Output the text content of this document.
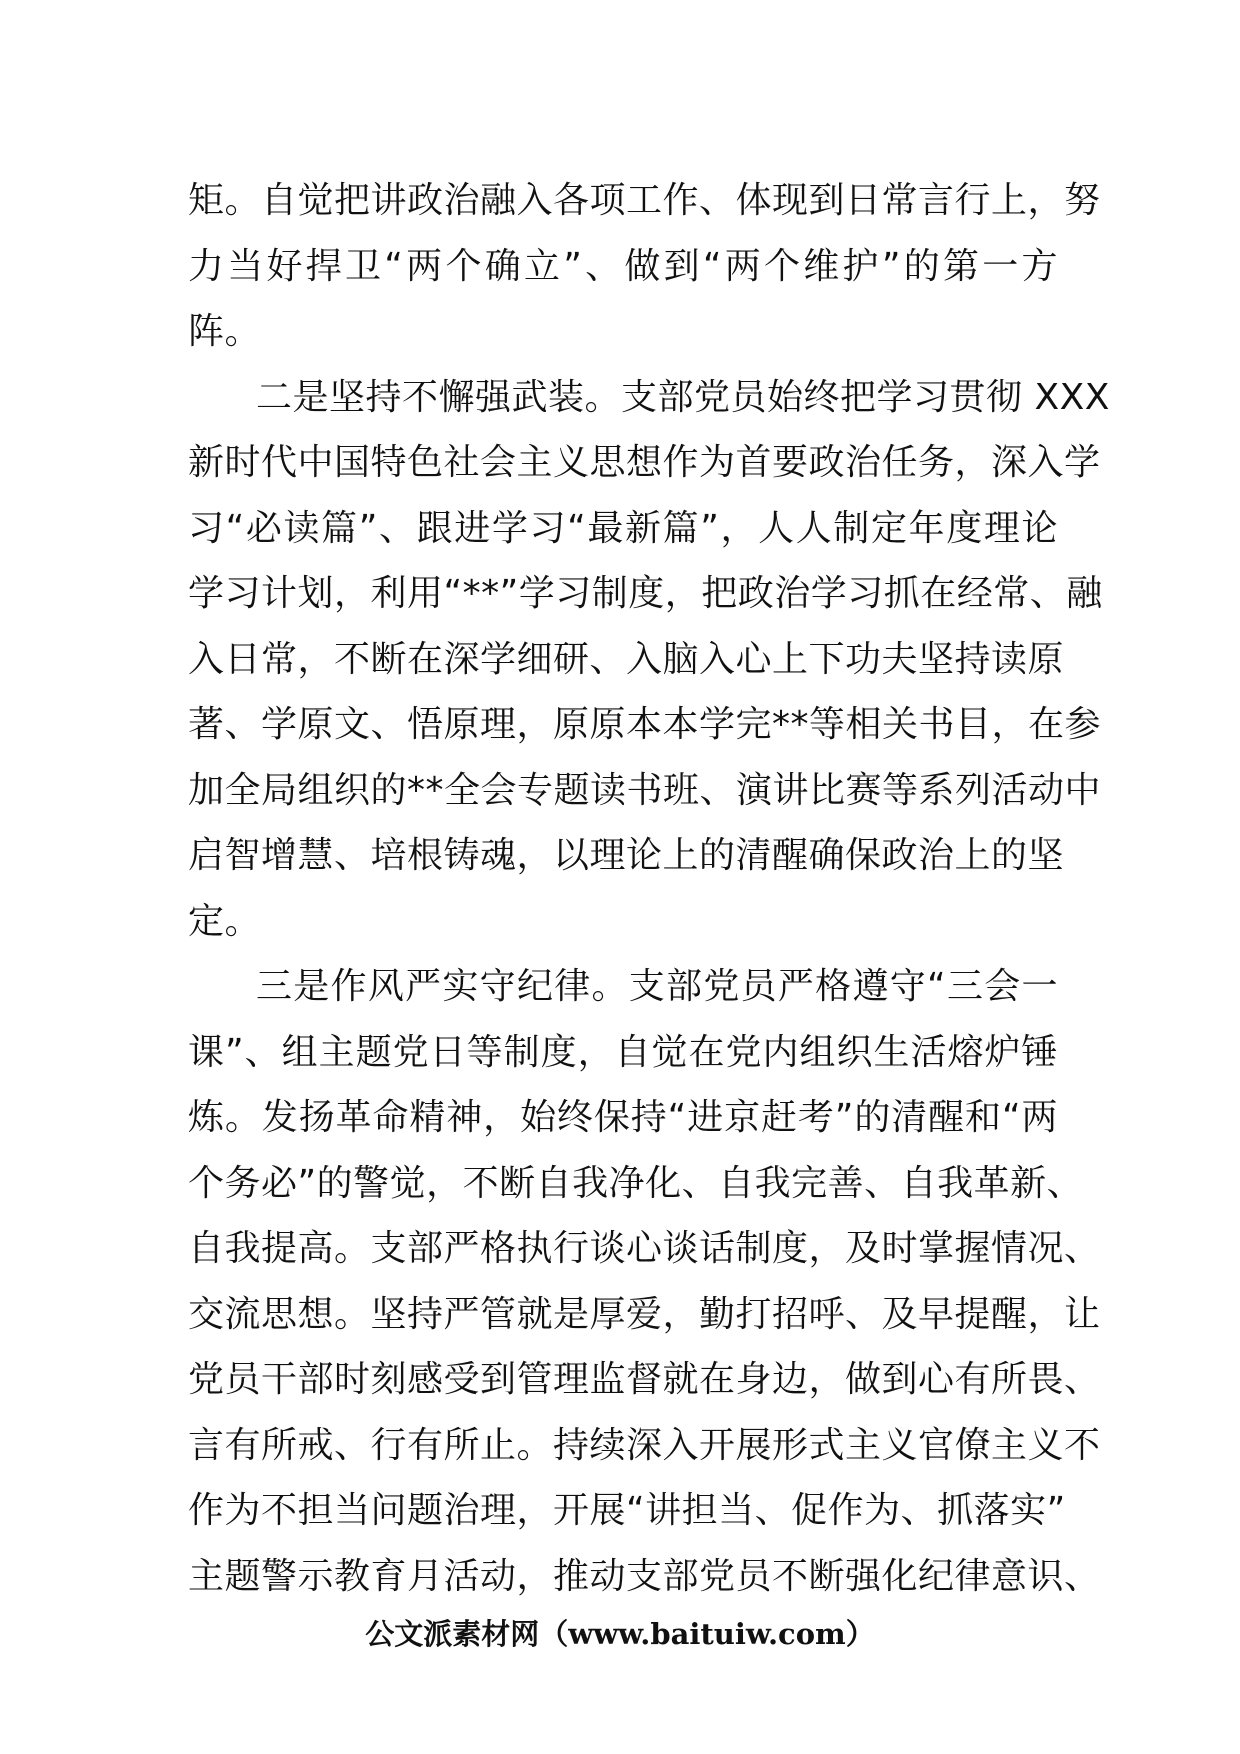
矩。自觉把讲政治融入各项工作、体现到日常言行上，努
力当好捍卫“两个确立”、做到“两个维护”的第一方
阵。
二是坚持不懈强武装。支部党员始终把学习贯彻 XXX
新时代中国特色社会主义思想作为首要政治任务，深入学
习“必读篇”、跟进学习“最新篇”，人人制定年度理论
学习计划，利用“**”学习制度，把政治学习抓在经常、融
入日常，不断在深学细研、入脑入心上下功夫坚持读原
著、学原文、悟原理，原原本本学完**等相关书目，在参
加全局组织的**全会专题读书班、演讲比赛等系列活动中
启智增慧、培根铸魂，以理论上的清醒确保政治上的坚
定。
三是作风严实守纪律。支部党员严格遵守“三会一
课”、组主题党日等制度，自觉在党内组织生活熔炉锤
炼。发扬革命精神，始终保持“进京赶考”的清醒和“两
个务必”的警觉，不断自我净化、自我完善、自我革新、
自我提高。支部严格执行谈心谈话制度，及时掌握情况、
交流思想。坚持严管就是厚爱，勤打招呼、及早提醒，让
党员干部时刻感受到管理监督就在身边，做到心有所畏、
言有所戒、行有所止。持续深入开展形式主义官僚主义不
作为不担当问题治理，开展“讲担当、促作为、抓落实”
主题警示教育月活动，推动支部党员不断强化纪律意识、
公文派素材网（www.baituiw.com）
